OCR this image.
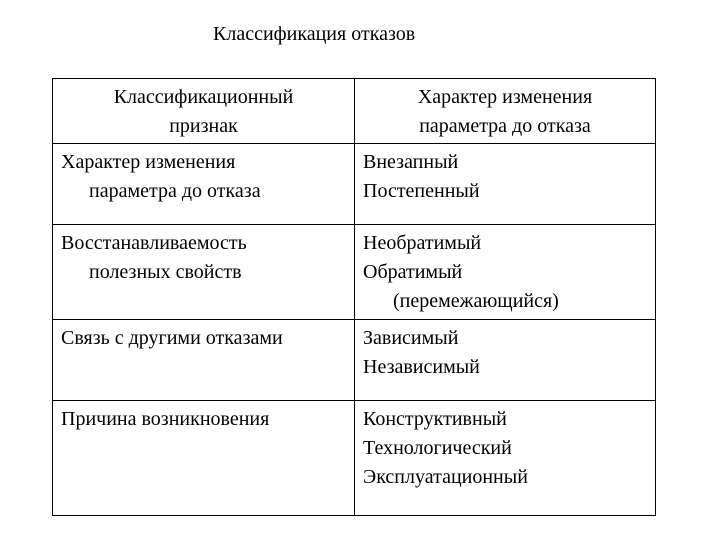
Классификация отказов
Классификационный
признак	Характер изменения
параметра до отказа

Характер изменения
параметра до отказа	Внезапный
Постепенный

Восстанавливаемость
полезных свойств	Необратимый
Обратимый
(перемежающийся)

Связь с другими отказами	Зависимый
Независимый

Причина возникновения	Конструктивный
Технологический
Эксплуатационный
